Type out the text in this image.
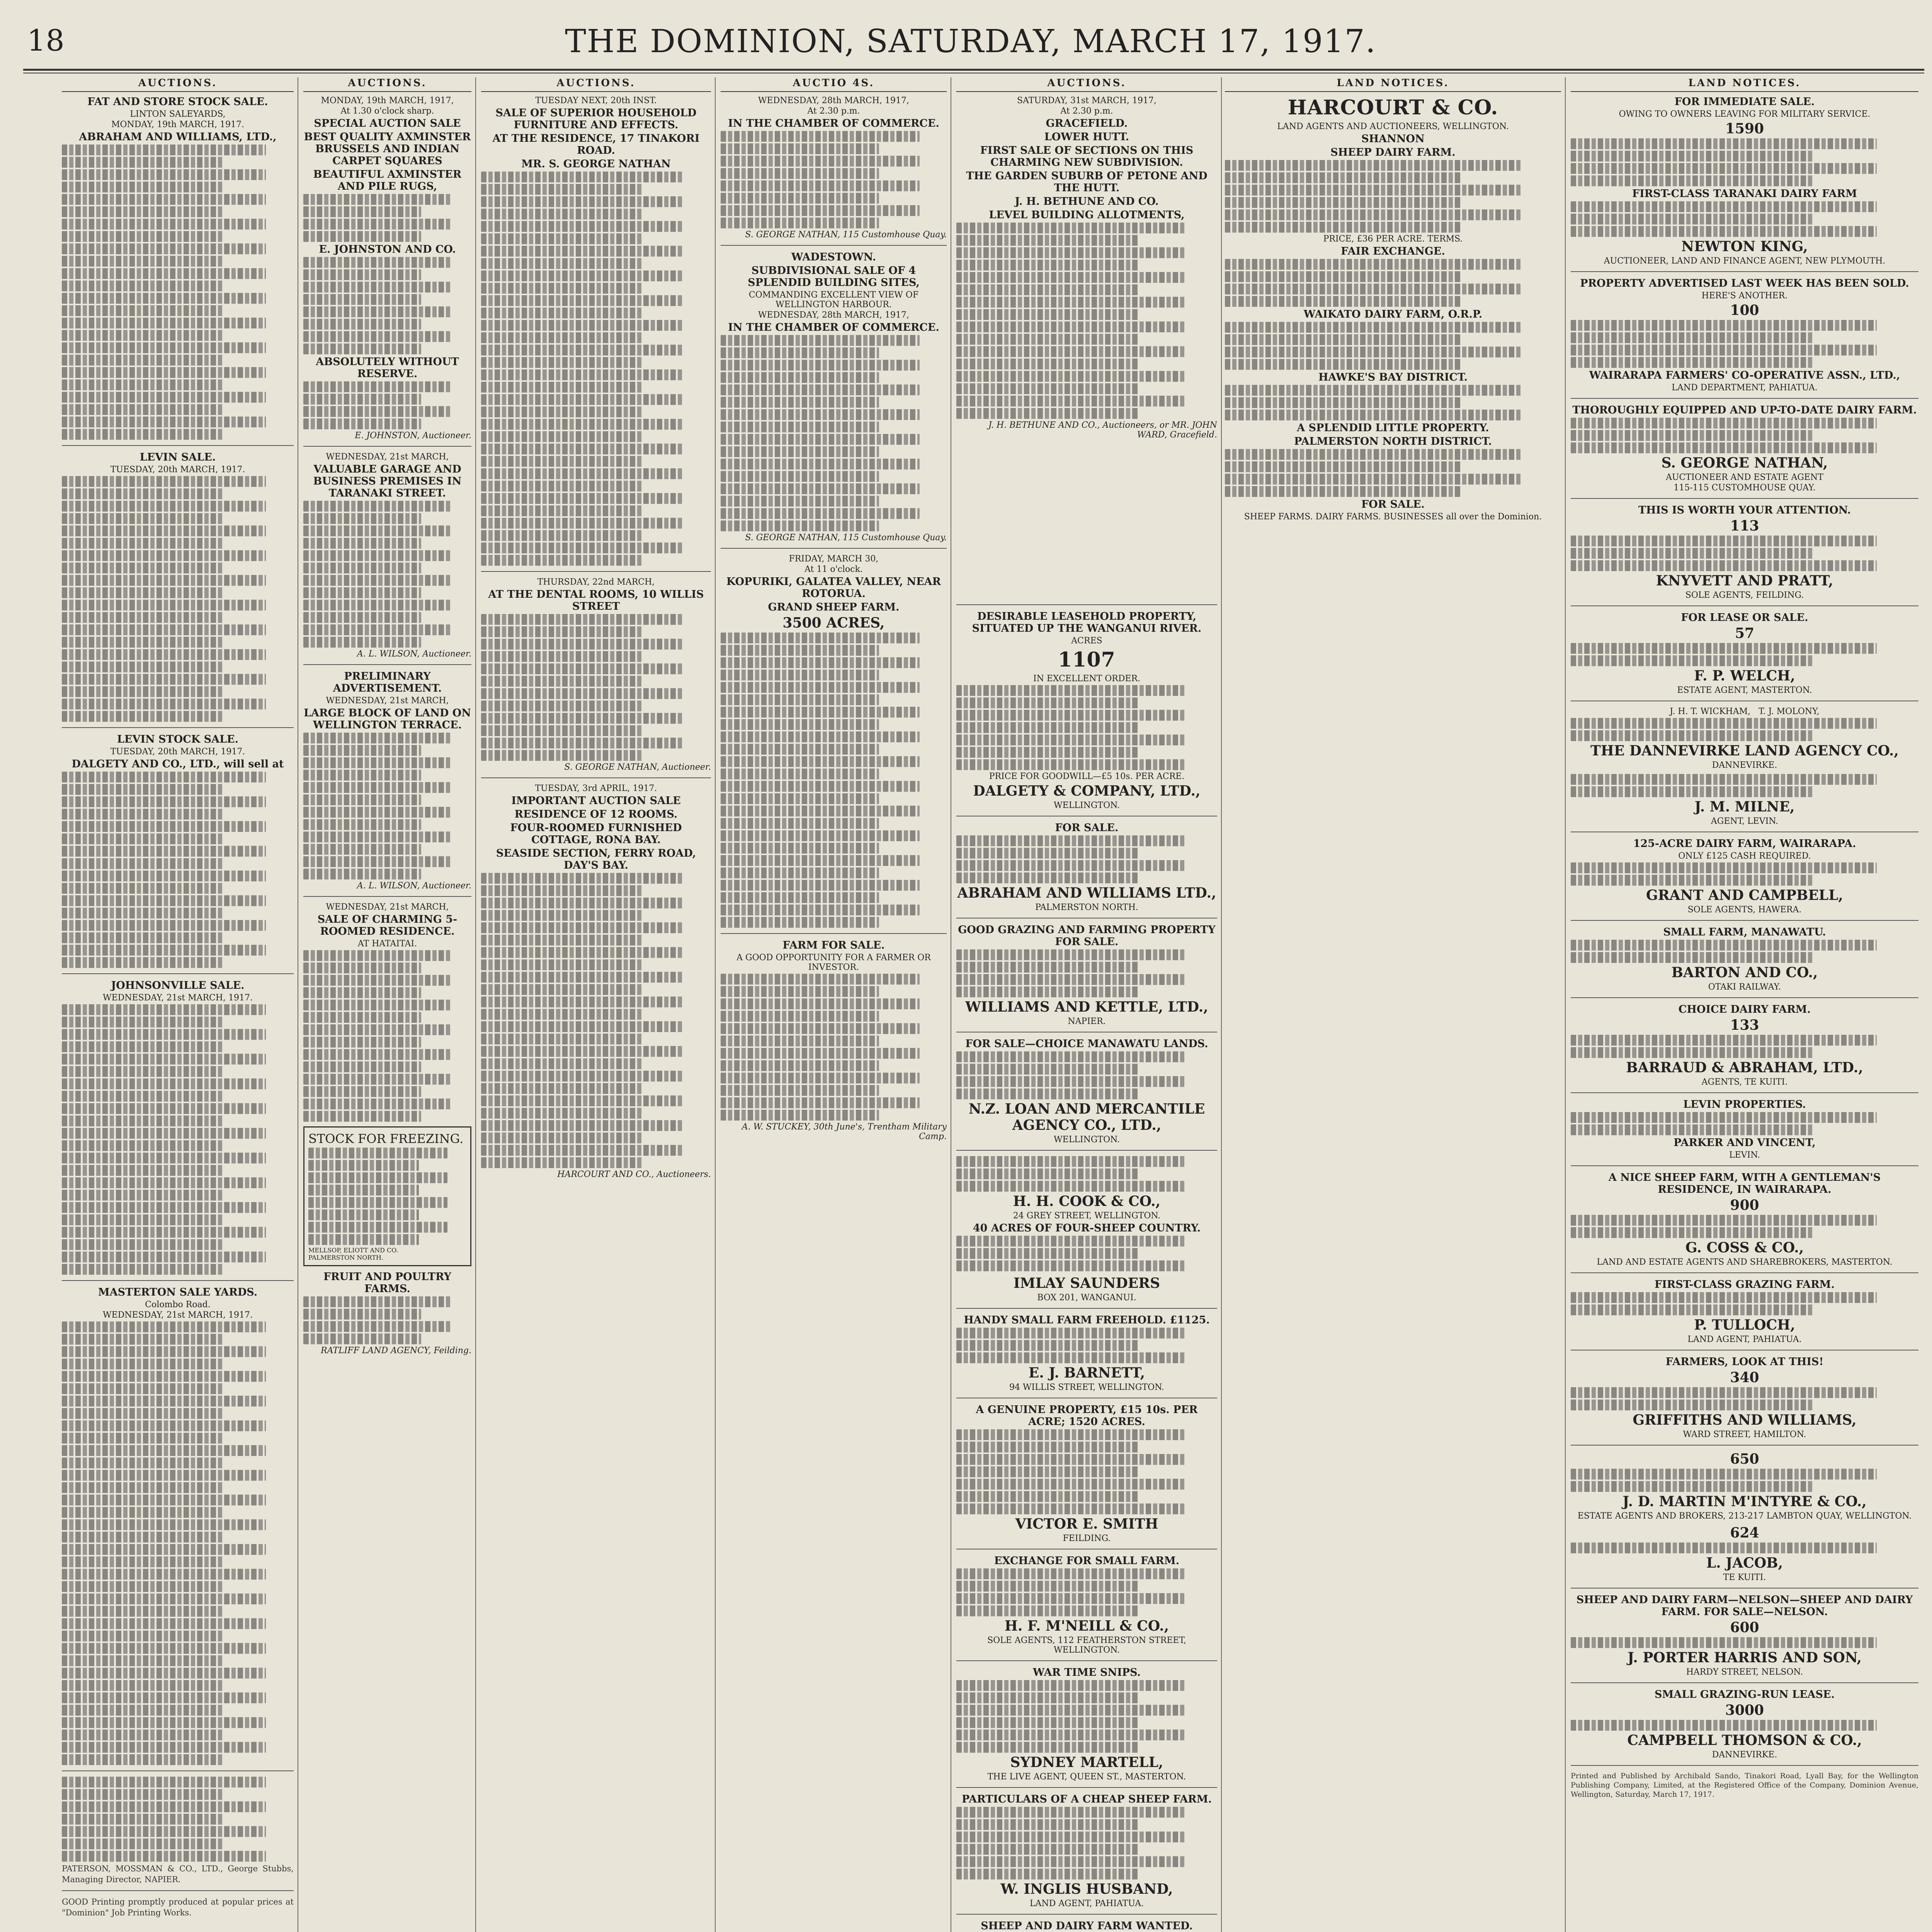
18	THE DOMINION, SATURDAY, MARCH 17, 1917.
AUCTIONS.
FAT AND STORE STOCK SALE.
LINTON SALEYARDS,
MONDAY, 19th MARCH, 1917.
ABRAHAM AND WILLIAMS, LTD.,
LEVIN SALE.
TUESDAY, 20th MARCH, 1917.
LEVIN STOCK SALE.
TUESDAY, 20th MARCH, 1917.
DALGETY AND CO., LTD., will sell at
JOHNSONVILLE SALE.
WEDNESDAY, 21st MARCH, 1917.
MASTERTON SALE YARDS.
Colombo Road.
WEDNESDAY, 21st MARCH, 1917.
PATERSON, MOSSMAN & CO., LTD., George Stubbs, Managing Director, NAPIER.
GOOD Printing promptly produced at popular prices at "Dominion" Job Printing Works.
AUCTIONS.
MONDAY, 19th MARCH, 1917,
At 1.30 o'clock sharp.
SPECIAL AUCTION SALE
BEST QUALITY AXMINSTER BRUSSELS AND INDIAN CARPET SQUARES
BEAUTIFUL AXMINSTER AND PILE RUGS,
E. JOHNSTON AND CO.
ABSOLUTELY WITHOUT RESERVE.
E. JOHNSTON, Auctioneer.
WEDNESDAY, 21st MARCH,
VALUABLE GARAGE AND BUSINESS PREMISES IN TARANAKI STREET.
A. L. WILSON, Auctioneer.
PRELIMINARY ADVERTISEMENT.
WEDNESDAY, 21st MARCH,
LARGE BLOCK OF LAND ON WELLINGTON TERRACE.
A. L. WILSON, Auctioneer.
WEDNESDAY, 21st MARCH,
SALE OF CHARMING 5-ROOMED RESIDENCE.
AT HATAITAI.
STOCK FOR FREEZING.
MELLSOP, ELIOTT AND CO.
PALMERSTON NORTH.
FRUIT AND POULTRY FARMS.
RATLIFF LAND AGENCY, Feilding.
AUCTIONS.
TUESDAY NEXT, 20th INST.
SALE OF SUPERIOR HOUSEHOLD FURNITURE AND EFFECTS.
AT THE RESIDENCE, 17 TINAKORI ROAD.
MR. S. GEORGE NATHAN
THURSDAY, 22nd MARCH,
AT THE DENTAL ROOMS, 10 WILLIS STREET
S. GEORGE NATHAN, Auctioneer.
TUESDAY, 3rd APRIL, 1917.
IMPORTANT AUCTION SALE
RESIDENCE OF 12 ROOMS.
FOUR-ROOMED FURNISHED COTTAGE, RONA BAY.
SEASIDE SECTION, FERRY ROAD, DAY'S BAY.
HARCOURT AND CO., Auctioneers.
AUCTIO 4S.
WEDNESDAY, 28th MARCH, 1917,
At 2.30 p.m.
IN THE CHAMBER OF COMMERCE.
S. GEORGE NATHAN, 115 Customhouse Quay.
WADESTOWN.
SUBDIVISIONAL SALE OF 4 SPLENDID BUILDING SITES,
COMMANDING EXCELLENT VIEW OF WELLINGTON HARBOUR.
WEDNESDAY, 28th MARCH, 1917,
IN THE CHAMBER OF COMMERCE.
S. GEORGE NATHAN, 115 Customhouse Quay.
FRIDAY, MARCH 30,
At 11 o'clock.
KOPURIKI, GALATEA VALLEY, NEAR ROTORUA.
GRAND SHEEP FARM.
3500 ACRES,
FARM FOR SALE.
A GOOD OPPORTUNITY FOR A FARMER OR INVESTOR.
A. W. STUCKEY, 30th June's, Trentham Military Camp.
AUCTIONS.
SATURDAY, 31st MARCH, 1917,
At 2.30 p.m.
GRACEFIELD.
LOWER HUTT.
FIRST SALE OF SECTIONS ON THIS CHARMING NEW SUBDIVISION.
THE GARDEN SUBURB OF PETONE AND THE HUTT.
J. H. BETHUNE AND CO.
LEVEL BUILDING ALLOTMENTS,
J. H. BETHUNE AND CO., Auctioneers, or MR. JOHN WARD, Gracefield.
DESIRABLE LEASEHOLD PROPERTY, SITUATED UP THE WANGANUI RIVER.
ACRES
1107
IN EXCELLENT ORDER.
PRICE FOR GOODWILL—£5 10s. PER ACRE.
DALGETY & COMPANY, LTD.,
WELLINGTON.
FOR SALE.
ABRAHAM AND WILLIAMS LTD.,
PALMERSTON NORTH.
GOOD GRAZING AND FARMING PROPERTY FOR SALE.
WILLIAMS AND KETTLE, LTD.,
NAPIER.
FOR SALE—CHOICE MANAWATU LANDS.
N.Z. LOAN AND MERCANTILE AGENCY CO., LTD.,
WELLINGTON.
H. H. COOK & CO.,
24 GREY STREET, WELLINGTON.
40 ACRES OF FOUR-SHEEP COUNTRY.
IMLAY SAUNDERS
BOX 201, WANGANUI.
HANDY SMALL FARM FREEHOLD. £1125.
E. J. BARNETT,
94 WILLIS STREET, WELLINGTON.
A GENUINE PROPERTY, £15 10s. PER ACRE; 1520 ACRES.
VICTOR E. SMITH
FEILDING.
EXCHANGE FOR SMALL FARM.
H. F. M'NEILL & CO.,
SOLE AGENTS, 112 FEATHERSTON STREET, WELLINGTON.
WAR TIME SNIPS.
SYDNEY MARTELL,
THE LIVE AGENT, QUEEN ST., MASTERTON.
PARTICULARS OF A CHEAP SHEEP FARM.
W. INGLIS HUSBAND,
LAND AGENT, PAHIATUA.
SHEEP AND DAIRY FARM WANTED.
LAND NOTICES.
HARCOURT & CO.
LAND AGENTS AND AUCTIONEERS, WELLINGTON.
SHANNON
SHEEP DAIRY FARM.
PRICE, £36 PER ACRE. TERMS.
FAIR EXCHANGE.
WAIKATO DAIRY FARM, O.R.P.
HAWKE'S BAY DISTRICT.
A SPLENDID LITTLE PROPERTY.
PALMERSTON NORTH DISTRICT.
FOR SALE.
SHEEP FARMS. DAIRY FARMS. BUSINESSES all over the Dominion.
LAND NOTICES.
FOR IMMEDIATE SALE.
OWING TO OWNERS LEAVING FOR MILITARY SERVICE.
1590
FIRST-CLASS TARANAKI DAIRY FARM
NEWTON KING,
AUCTIONEER, LAND AND FINANCE AGENT, NEW PLYMOUTH.
PROPERTY ADVERTISED LAST WEEK HAS BEEN SOLD.
HERE'S ANOTHER.
100
WAIRARAPA FARMERS' CO-OPERATIVE ASSN., LTD.,
LAND DEPARTMENT, PAHIATUA.
THOROUGHLY EQUIPPED AND UP-TO-DATE DAIRY FARM.
S. GEORGE NATHAN,
AUCTIONEER AND ESTATE AGENT
115-115 CUSTOMHOUSE QUAY.
THIS IS WORTH YOUR ATTENTION.
113
KNYVETT AND PRATT,
SOLE AGENTS, FEILDING.
FOR LEASE OR SALE.
57
F. P. WELCH,
ESTATE AGENT, MASTERTON.
J. H. T. WICKHAM, T. J. MOLONY,
THE DANNEVIRKE LAND AGENCY CO.,
DANNEVIRKE.
J. M. MILNE,
AGENT, LEVIN.
125-ACRE DAIRY FARM, WAIRARAPA.
ONLY £125 CASH REQUIRED.
GRANT AND CAMPBELL,
SOLE AGENTS, HAWERA.
SMALL FARM, MANAWATU.
BARTON AND CO.,
OTAKI RAILWAY.
CHOICE DAIRY FARM.
133
BARRAUD & ABRAHAM, LTD.,
AGENTS, TE KUITI.
LEVIN PROPERTIES.
PARKER AND VINCENT,
LEVIN.
A NICE SHEEP FARM, WITH A GENTLEMAN'S RESIDENCE, IN WAIRARAPA.
900
G. COSS & CO.,
LAND AND ESTATE AGENTS AND SHAREBROKERS, MASTERTON.
FIRST-CLASS GRAZING FARM.
P. TULLOCH,
LAND AGENT, PAHIATUA.
FARMERS, LOOK AT THIS!
340
GRIFFITHS AND WILLIAMS,
WARD STREET, HAMILTON.
650
J. D. MARTIN M'INTYRE & CO.,
ESTATE AGENTS AND BROKERS, 213-217 LAMBTON QUAY, WELLINGTON.
624
L. JACOB,
TE KUITI.
SHEEP AND DAIRY FARM—NELSON—SHEEP AND DAIRY FARM. FOR SALE—NELSON.
600
J. PORTER HARRIS AND SON,
HARDY STREET, NELSON.
SMALL GRAZING-RUN LEASE.
3000
CAMPBELL THOMSON & CO.,
DANNEVIRKE.
Printed and Published by Archibald Sando, Tinakori Road, Lyall Bay, for the Wellington Publishing Company, Limited, at the Registered Office of the Company, Dominion Avenue, Wellington, Saturday, March 17, 1917.
